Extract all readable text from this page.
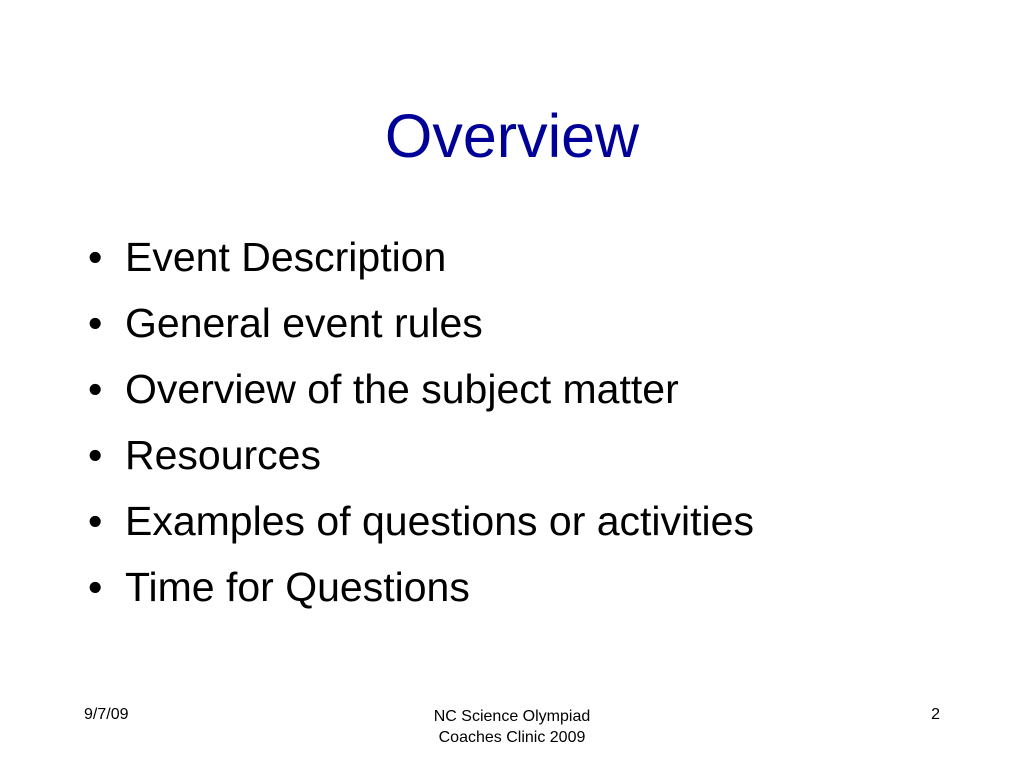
Overview
• Event Description
• General event rules
• Overview of the subject matter
• Resources
• Examples of questions or activities
• Time for Questions
9/7/09	NC Science Olympiad
Coaches Clinic 2009
2
